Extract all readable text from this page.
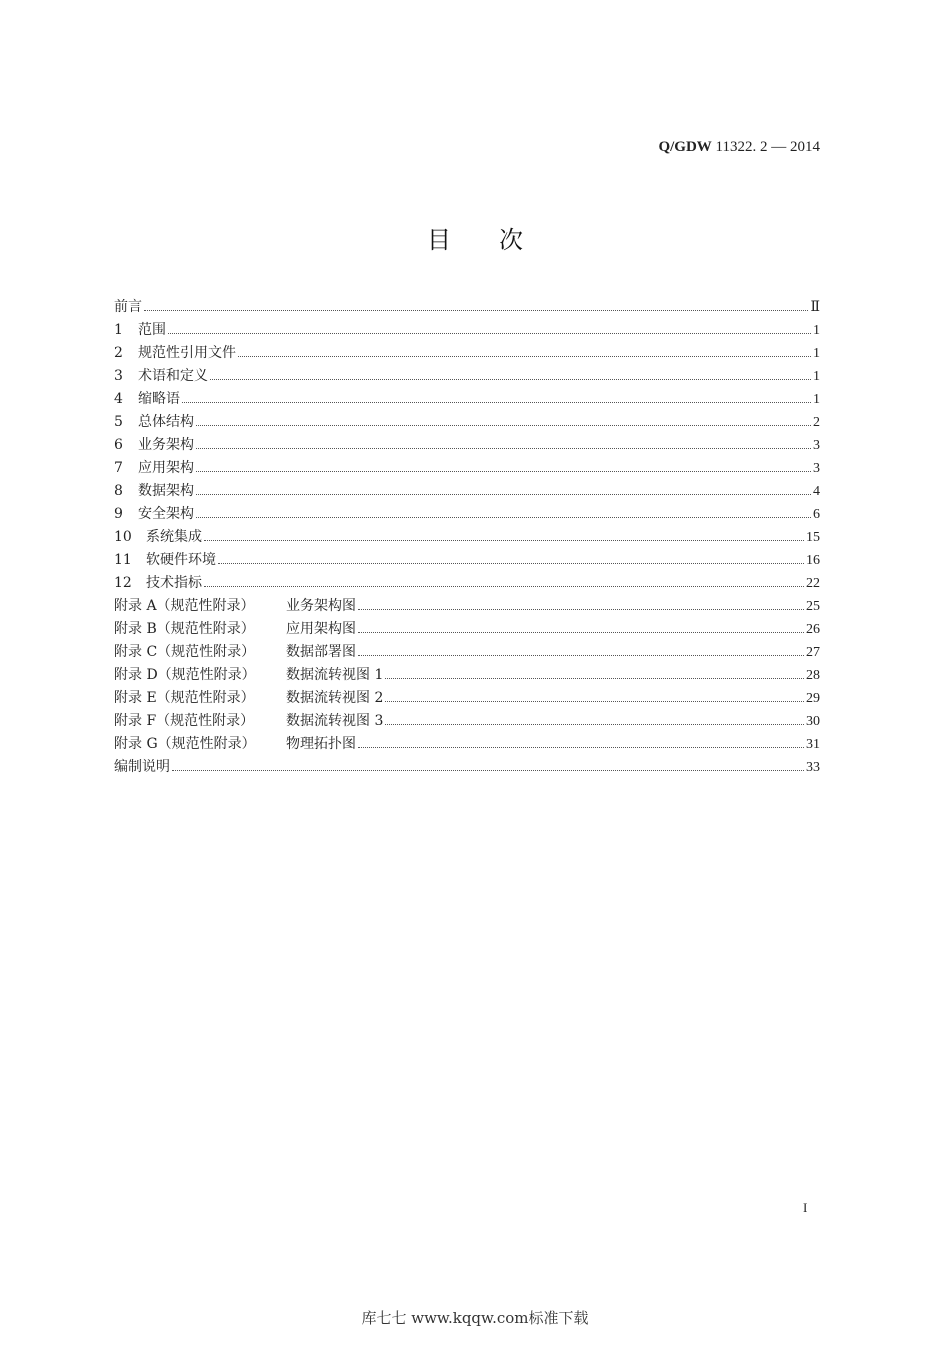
Q/GDW 11322. 2 — 2014
目次
前言	Ⅱ
1	范围	1
2	规范性引用文件	1
3	术语和定义	1
4	缩略语	1
5	总体结构	2
6	业务架构	3
7	应用架构	3
8	数据架构	4
9	安全架构	6
10	系统集成	15
11	软硬件环境	16
12	技术指标	22
附录 A（规范性附录）	业务架构图	25
附录 B（规范性附录）	应用架构图	26
附录 C（规范性附录）	数据部署图	27
附录 D（规范性附录）	数据流转视图 1	28
附录 E（规范性附录）	数据流转视图 2	29
附录 F（规范性附录）	数据流转视图 3	30
附录 G（规范性附录）	物理拓扑图	31
编制说明	33
I
库七七 www.kqqw.com标准下载
